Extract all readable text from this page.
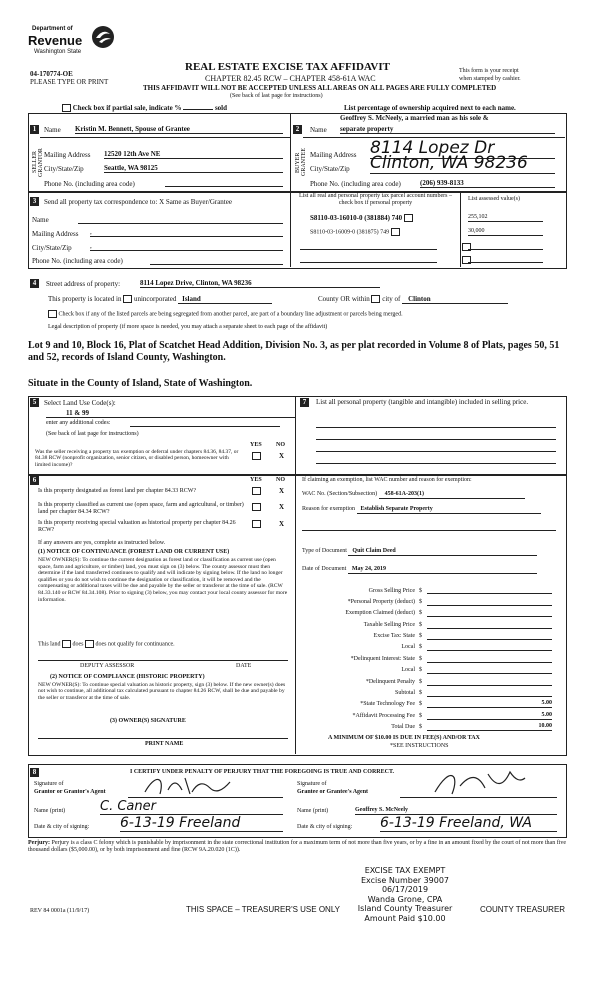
Department of
Revenue
Washington State
04-170774-OE
PLEASE TYPE OR PRINT
REAL ESTATE EXCISE TAX AFFIDAVIT
CHAPTER 82.45 RCW – CHAPTER 458-61A WAC
THIS AFFIDAVIT WILL NOT BE ACCEPTED UNLESS ALL AREAS ON ALL PAGES ARE FULLY COMPLETED
(See back of last page for instructions)
This form is your receipt
when stamped by cashier.
Check box if partial sale, indicate %	sold	List percentage of ownership acquired next to each name.
1
SELLER GRANTOR
Name Kristin M. Bennett, Spouse of Grantee
Mailing Address 12520 12th Ave NE
City/State/Zip	Seattle, WA 98125
Phone No. (including area code)
2
BUYER GRANTEE
Geoffrey S. McNeely, a married man as his sole &
Name separate property
Mailing Address 8114 Lopez Dr
City/State/Zip Clinton, WA 98236
Phone No. (including area code)	(206) 939-8133
3	Send all property tax correspondence to: X Same as Buyer/Grantee
Name
Mailing Address ,
City/State/Zip	,
Phone No. (including area code)
List all real and personal property tax parcel account numbers – check box if personal property
List assessed value(s)
S8110-03-16010-0 (381884) 740	255,102
S8110-03-16009-0 (381875) 749	30,000
4	Street address of property:	8114 Lopez Drive, Clinton, WA 98236
This property is located in unincorporated Island	County OR within city of Clinton
Check box if any of the listed parcels are being segregated from another parcel, are part of a boundary line adjustment or parcels being merged.
Legal description of property (if more space is needed, you may attach a separate sheet to each page of the affidavit)
Lot 9 and 10, Block 16, Plat of Scatchet Head Addition, Division No. 3, as per plat recorded in Volume 8 of Plats, pages 50, 51 and 52, records of Island County, Washington.
Situate in the County of Island, State of Washington.
5	Select Land Use Code(s):
11 & 99
enter any additional codes:
(See back of last page for instructions)
YES NO
Was the seller receiving a property tax exemption or deferral under chapters 84.36, 84.37, or 84.38 RCW (nonprofit organization, senior citizen, or disabled person, homeowner with limited income)?
X
7	List all personal property (tangible and intangible) included in selling price.
6	YES NO
Is this property designated as forest land per chapter 84.33 RCW?	X
Is this property classified as current use (open space, farm and agricultural, or timber) land per chapter 84.34 RCW?
X
Is this property receiving special valuation as historical property per chapter 84.26 RCW?
X
If any answers are yes, complete as instructed below.
(1) NOTICE OF CONTINUANCE (FOREST LAND OR CURRENT USE)
NEW OWNER(S): To continue the current designation as forest land or classification as current use (open space, farm and agriculture, or timber) land, you must sign on (3) below. The county assessor must then determine if the land transferred continues to qualify and will indicate by signing below. If the land no longer qualifies or you do not wish to continue the designation or classification, it will be removed and the compensating or additional taxes will be due and payable by the seller or transferor at the time of sale. (RCW 84.33.140 or RCW 84.34.108). Prior to signing (3) below, you may contact your local county assessor for more information.
This land does does not qualify for continuance.
DEPUTY ASSESSOR	DATE
(2) NOTICE OF COMPLIANCE (HISTORIC PROPERTY)
NEW OWNER(S): To continue special valuation as historic property, sign (3) below. If the new owner(s) does not wish to continue, all additional tax calculated pursuant to chapter 84.26 RCW, shall be due and payable by the seller or transferor at the time of sale.
(3) OWNER(S) SIGNATURE
PRINT NAME
If claiming an exemption, list WAC number and reason for exemption:
WAC No. (Section/Subsection) 458-61A-203(1)
Reason for exemption Establish Separate Property
Type of Document Quit Claim Deed
Date of Document May 24, 2019
Gross Selling Price $
*Personal Property (deduct) $
Exemption Claimed (deduct) $
Taxable Selling Price $
Excise Tax: State $
Local $
*Delinquent Interest: State $
Local $
*Delinquent Penalty $
Subtotal $
*State Technology Fee $	5.00
*Affidavit Processing Fee $	5.00
Total Due $	10.00
A MINIMUM OF $10.00 IS DUE IN FEE(S) AND/OR TAX
*SEE INSTRUCTIONS
8	I CERTIFY UNDER PENALTY OF PERJURY THAT THE FOREGOING IS TRUE AND CORRECT.
Signature of
Grantor or Grantor's Agent
Name (print)	C. Caner
Date & city of signing: 6-13-19 Freeland
Signature of
Grantee or Grantee's Agent
Name (print)	Geoffrey S. McNeely
Date & city of signing: 6-13-19 Freeland, WA
Perjury: Perjury is a class C felony which is punishable by imprisonment in the state correctional institution for a maximum term of not more than five years, or by a fine in an amount fixed by the court of not more than five thousand dollars ($5,000.00), or by both imprisonment and fine (RCW 9A.20.020 (1C)).
EXCISE TAX EXEMPT
Excise Number 39007
06/17/2019
Wanda Grone, CPA
Island County Treasurer
Amount Paid $10.00
REV 84 0001a (11/9/17)	THIS SPACE – TREASURER'S USE ONLY	COUNTY TREASURER
